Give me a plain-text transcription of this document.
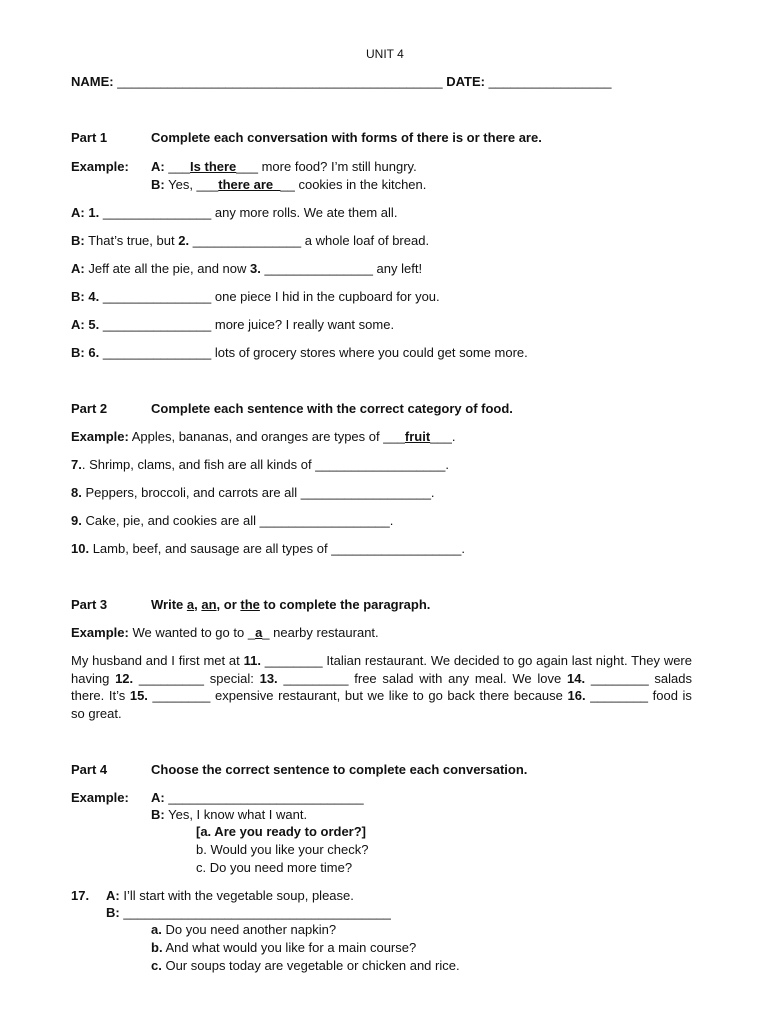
UNIT 4
NAME: _____________________________________________ DATE: _________________
Part 1	Complete each conversation with forms of there is or there are.
Example: A: ___Is there___ more food? I’m still hungry.
B: Yes, ___there are___ cookies in the kitchen.
A: 1. _______________ any more rolls. We ate them all.
B: That’s true, but 2. _______________ a whole loaf of bread.
A: Jeff ate all the pie, and now 3. _______________ any left!
B: 4. _______________ one piece I hid in the cupboard for you.
A: 5. _______________ more juice? I really want some.
B: 6. _______________ lots of grocery stores where you could get some more.
Part 2	Complete each sentence with the correct category of food.
Example: Apples, bananas, and oranges are types of ___fruit___.
7.. Shrimp, clams, and fish are all kinds of __________________.
8. Peppers, broccoli, and carrots are all __________________.
9. Cake, pie, and cookies are all __________________.
10. Lamb, beef, and sausage are all types of __________________.
Part 3	Write a, an, or the to complete the paragraph.
Example: We wanted to go to _a_ nearby restaurant.
My husband and I first met at 11. ________ Italian restaurant. We decided to go again last night. They were having 12. _________ special: 13. _________ free salad with any meal. We love 14. ________ salads there. It’s 15. ________ expensive restaurant, but we like to go back there because 16. ________ food is so great.
Part 4	Choose the correct sentence to complete each conversation.
Example: A: ___________________________
B: Yes, I know what I want.
[a. Are you ready to order?]
b. Would you like your check?
c. Do you need more time?
17. A: I’ll start with the vegetable soup, please.
B: _____________________________________
a. Do you need another napkin?
b. And what would you like for a main course?
c. Our soups today are vegetable or chicken and rice.
